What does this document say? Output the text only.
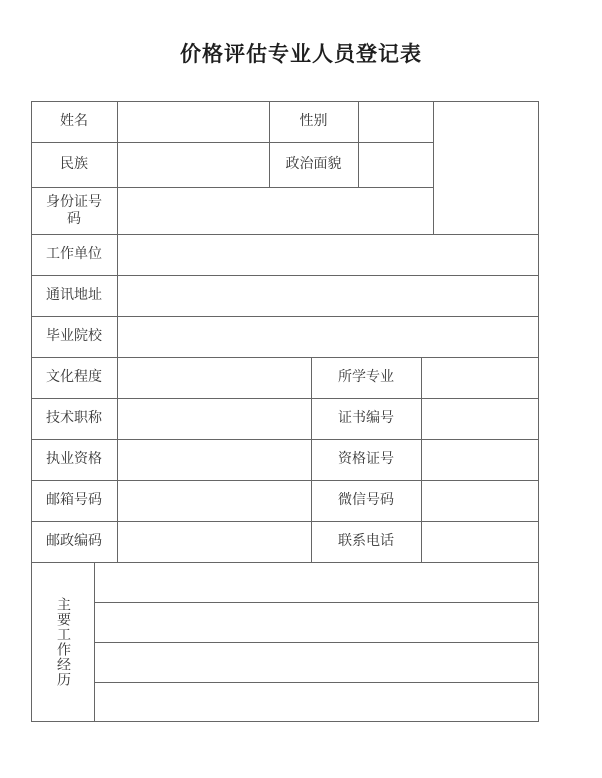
价格评估专业人员登记表
姓名	性别
民族	政治面貌
身份证号码
工作单位
通讯地址
毕业院校
文化程度	所学专业
技术职称	证书编号
执业资格	资格证号
邮箱号码	微信号码
邮政编码	联系电话
主要工作经历
